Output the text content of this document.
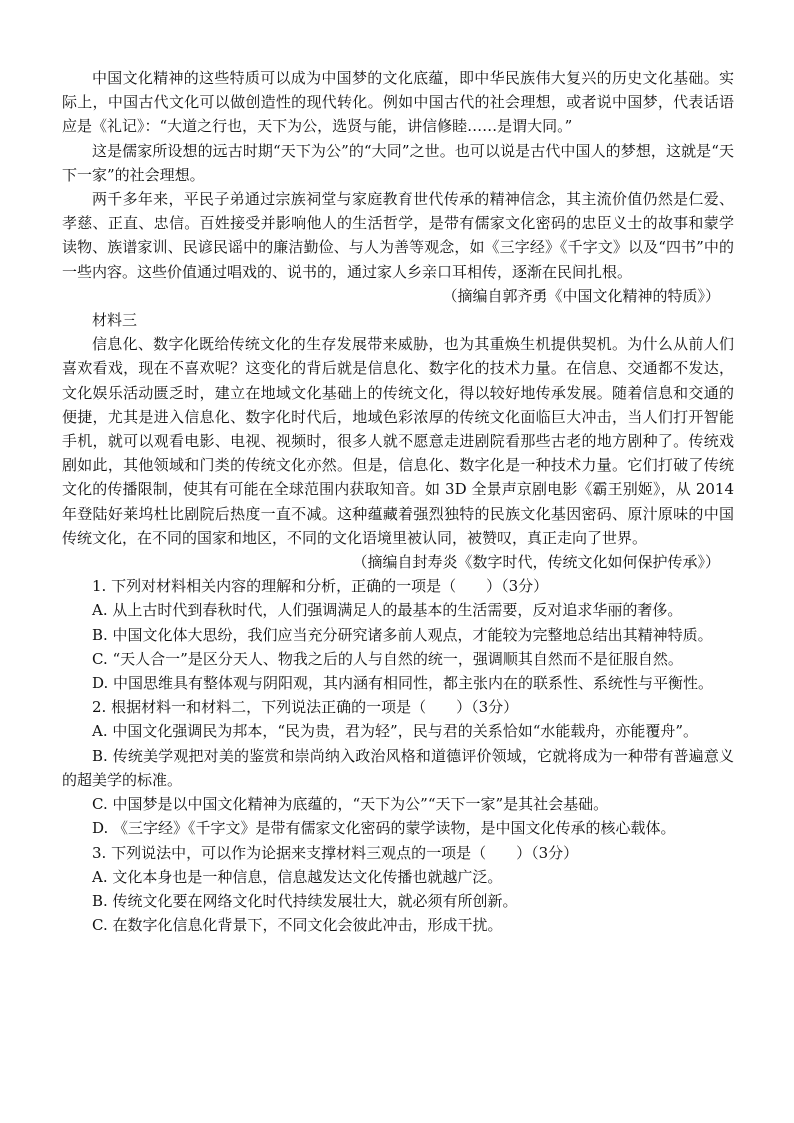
中国文化精神的这些特质可以成为中国梦的文化底蕴，即中华民族伟大复兴的历史文化基础。实际上，中国古代文化可以做创造性的现代转化。例如中国古代的社会理想，或者说中国梦，代表话语应是《礼记》：“大道之行也，天下为公，选贤与能，讲信修睦……是谓大同。”

这是儒家所设想的远古时期“天下为公”的“大同”之世。也可以说是古代中国人的梦想，这就是“天下一家”的社会理想。

两千多年来，平民子弟通过宗族祠堂与家庭教育世代传承的精神信念，其主流价值仍然是仁爱、孝慈、正直、忠信。百姓接受并影响他人的生活哲学，是带有儒家文化密码的忠臣义士的故事和蒙学读物、族谱家训、民谚民谣中的廉洁勤俭、与人为善等观念，如《三字经》《千字文》以及“四书”中的一些内容。这些价值通过唱戏的、说书的，通过家人乡亲口耳相传，逐渐在民间扎根。

（摘编自郭齐勇《中国文化精神的特质》）

材料三

信息化、数字化既给传统文化的生存发展带来威胁，也为其重焕生机提供契机。为什么从前人们喜欢看戏，现在不喜欢呢？这变化的背后就是信息化、数字化的技术力量。在信息、交通都不发达，文化娱乐活动匮乏时，建立在地域文化基础上的传统文化，得以较好地传承发展。随着信息和交通的便捷，尤其是进入信息化、数字化时代后，地域色彩浓厚的传统文化面临巨大冲击，当人们打开智能手机，就可以观看电影、电视、视频时，很多人就不愿意走进剧院看那些古老的地方剧种了。传统戏剧如此，其他领域和门类的传统文化亦然。但是，信息化、数字化是一种技术力量。它们打破了传统文化的传播限制，使其有可能在全球范围内获取知音。如 3D 全景声京剧电影《霸王别姬》，从 2014 年登陆好莱坞杜比剧院后热度一直不减。这种蕴藏着强烈独特的民族文化基因密码、原汁原味的中国传统文化，在不同的国家和地区，不同的文化语境里被认同，被赞叹，真正走向了世界。

（摘编自封寿炎《数字时代，传统文化如何保护传承》）

1. 下列对材料相关内容的理解和分析，正确的一项是（　　）（3分）

A. 从上古时代到春秋时代，人们强调满足人的最基本的生活需要，反对追求华丽的奢侈。

B. 中国文化体大思纷，我们应当充分研究诸多前人观点，才能较为完整地总结出其精神特质。

C. “天人合一”是区分天人、物我之后的人与自然的统一，强调顺其自然而不是征服自然。

D. 中国思维具有整体观与阴阳观，其内涵有相同性，都主张内在的联系性、系统性与平衡性。

2. 根据材料一和材料二，下列说法正确的一项是（　　）（3分）

A. 中国文化强调民为邦本，“民为贵，君为轻”，民与君的关系恰如“水能载舟，亦能覆舟”。

B. 传统美学观把对美的鉴赏和崇尚纳入政治风格和道德评价领域，它就将成为一种带有普遍意义的超美学的标准。

C. 中国梦是以中国文化精神为底蕴的，“天下为公”“天下一家”是其社会基础。

D. 《三字经》《千字文》是带有儒家文化密码的蒙学读物，是中国文化传承的核心载体。

3. 下列说法中，可以作为论据来支撑材料三观点的一项是（　　）（3分）

A. 文化本身也是一种信息，信息越发达文化传播也就越广泛。

B. 传统文化要在网络文化时代持续发展壮大，就必须有所创新。

C. 在数字化信息化背景下，不同文化会彼此冲击，形成干扰。
